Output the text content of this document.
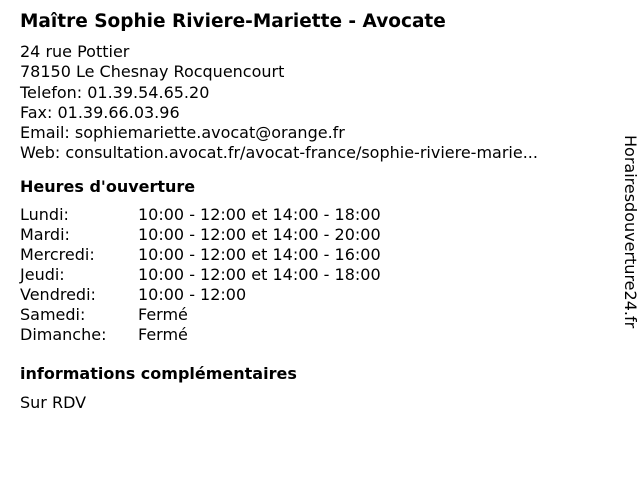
Maître Sophie Riviere-Mariette - Avocate
24 rue Pottier
78150 Le Chesnay Rocquencourt
Telefon: 01.39.54.65.20
Fax: 01.39.66.03.96
Email: sophiemariette.avocat@orange.fr
Web: consultation.avocat.fr/avocat-france/sophie-riviere-marie...
Heures d'ouverture
Lundi:	10:00 - 12:00 et 14:00 - 18:00
Mardi:	10:00 - 12:00 et 14:00 - 20:00
Mercredi:	10:00 - 12:00 et 14:00 - 16:00
Jeudi:	10:00 - 12:00 et 14:00 - 18:00
Vendredi:	10:00 - 12:00
Samedi:	Fermé
Dimanche:	Fermé
informations complémentaires
Sur RDV
Horairesdouverture24.fr
